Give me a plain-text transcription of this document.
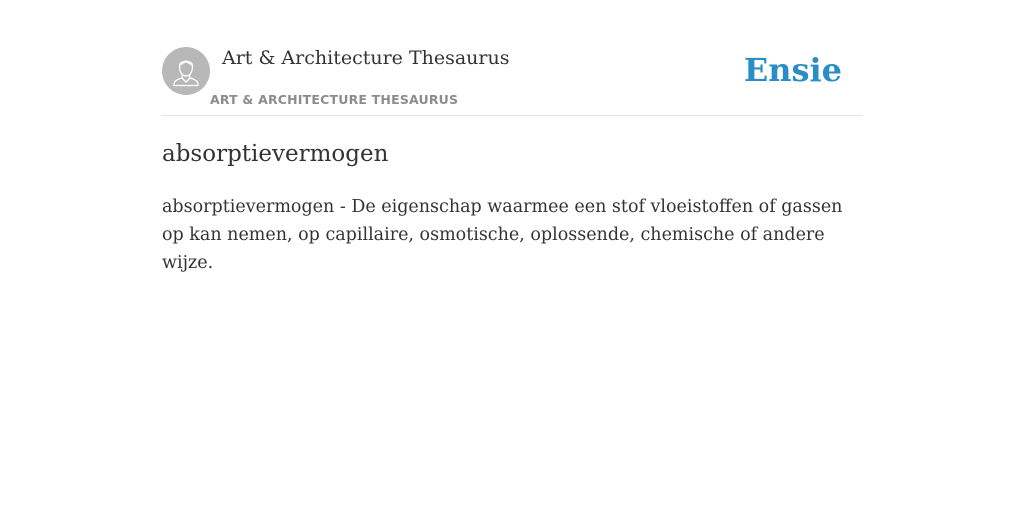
Art & Architecture Thesaurus
ART & ARCHITECTURE THESAURUS
Ensie
absorptievermogen

absorptievermogen - De eigenschap waarmee een stof vloeistoffen of gassen op kan nemen, op capillaire, osmotische, oplossende, chemische of andere wijze.
